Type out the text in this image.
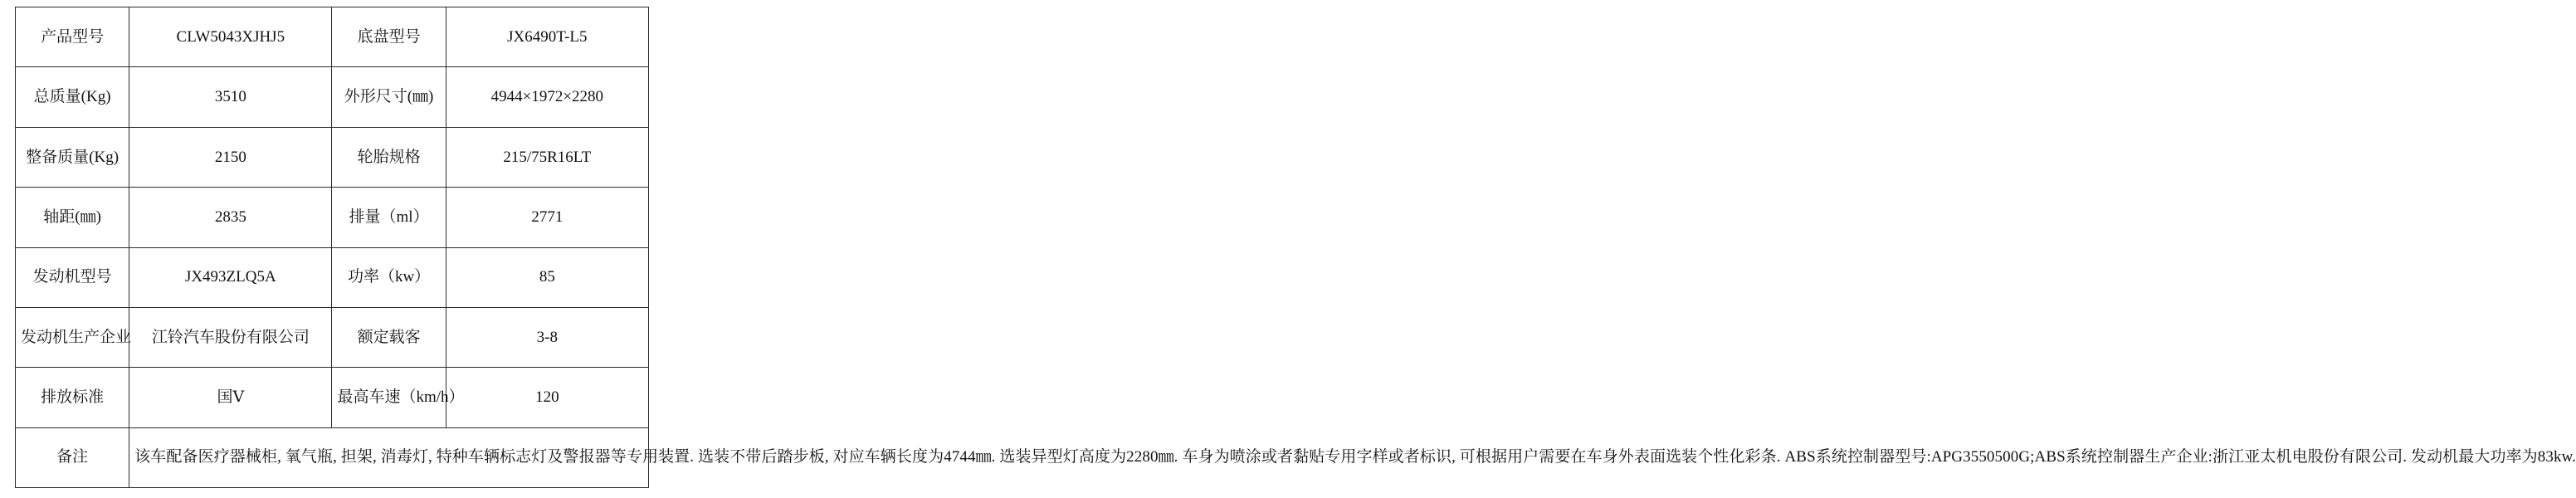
产品型号	CLW5043XJHJ5	底盘型号	JX6490T-L5
总质量(Kg)	3510	外形尺寸(㎜)	4944×1972×2280
整备质量(Kg)	2150	轮胎规格	215/75R16LT
轴距(㎜)	2835	排量（ml）	2771
发动机型号	JX493ZLQ5A	功率（kw）	85
发动机生产企业	江铃汽车股份有限公司	额定载客	3-8
排放标准	国Ⅴ	最高车速（km/h）	120
备注	该车配备医疗器械柜, 氧气瓶, 担架, 消毒灯, 特种车辆标志灯及警报器等专用装置. 选装不带后踏步板, 对应车辆长度为4744㎜. 选装异型灯高度为2280㎜. 车身为喷涂或者黏贴专用字样或者标识, 可根据用户需要在车身外表面选装个性化彩条. ABS系统控制器型号:APG3550500G;ABS系统控制器生产企业:浙江亚太机电股份有限公司. 发动机最大功率为83kw.		
